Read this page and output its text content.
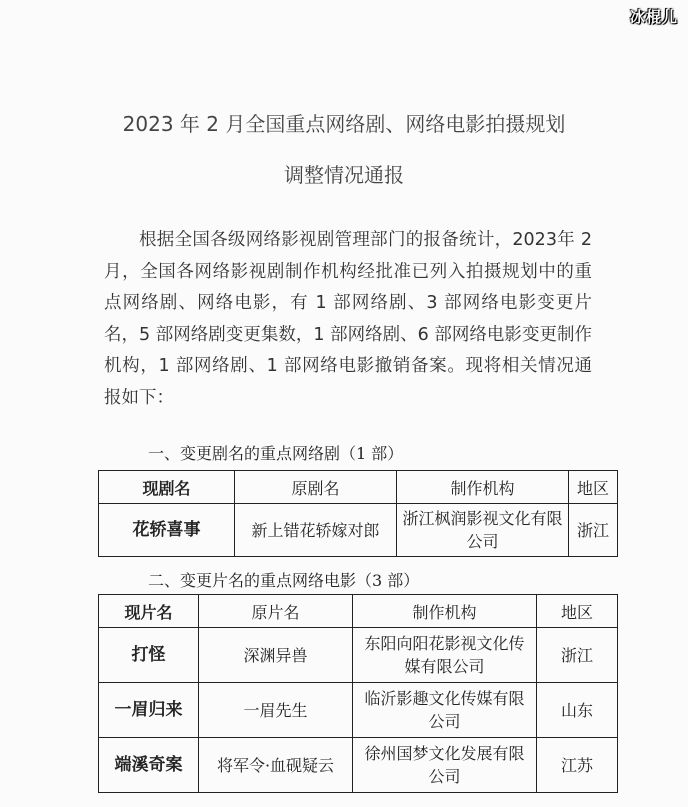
冰棍儿
2023 年 2 月全国重点网络剧、网络电影拍摄规划
调整情况通报

根据全国各级网络影视剧管理部门的报备统计，2023年 2 月，全国各网络影视剧制作机构经批准已列入拍摄规划中的重点网络剧、网络电影，有 1 部网络剧、3 部网络电影变更片名，5 部网络剧变更集数，1 部网络剧、6 部网络电影变更制作机构，1 部网络剧、1 部网络电影撤销备案。现将相关情况通报如下：

一、变更剧名的重点网络剧（1 部）
现剧名	原剧名	制作机构	地区
花轿喜事	新上错花轿嫁对郎	浙江枫润影视文化有限公司	浙江
二、变更片名的重点网络电影（3 部）
现片名	原片名	制作机构	地区
打怪	深渊异兽	东阳向阳花影视文化传媒有限公司	浙江
一眉归来	一眉先生	临沂影趣文化传媒有限公司	山东
端溪奇案	将军令·血砚疑云	徐州国梦文化发展有限公司	江苏
